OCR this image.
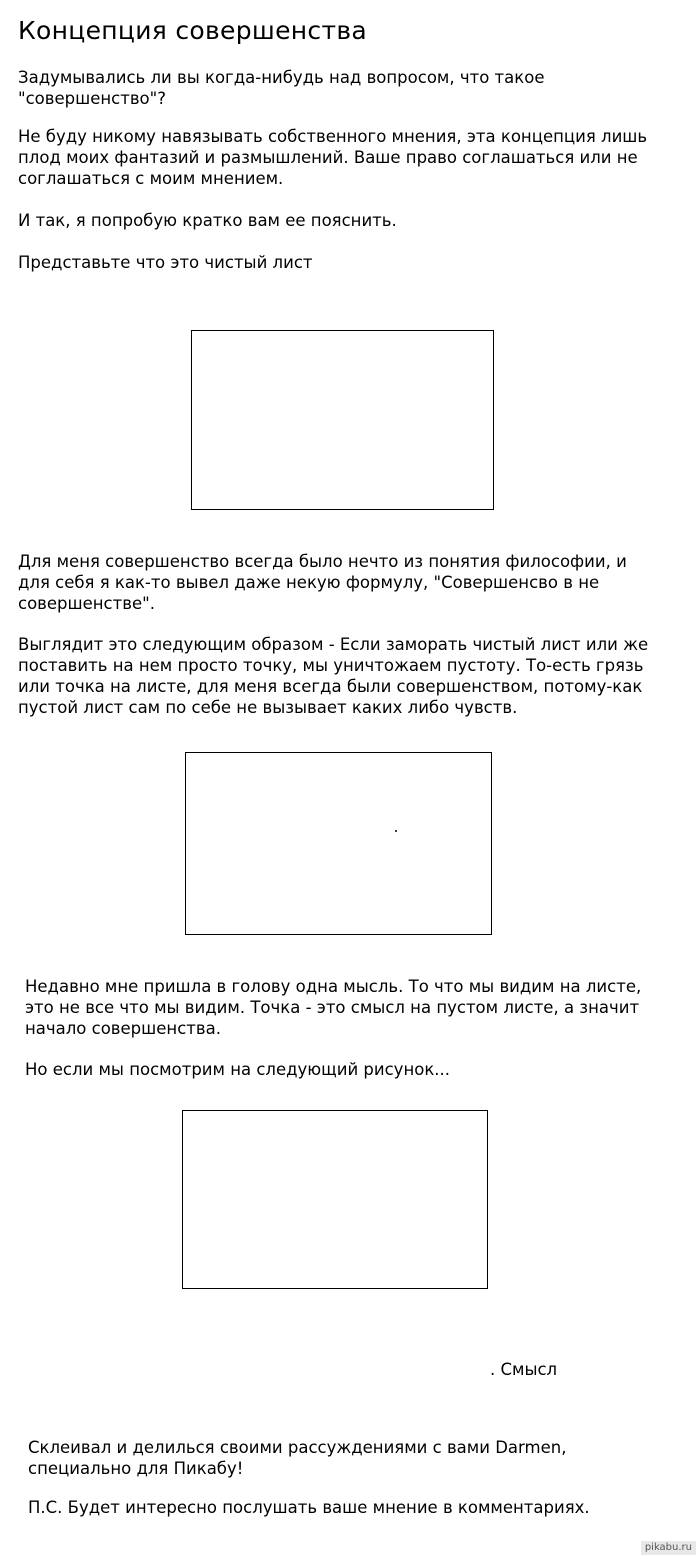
Концепция совершенства

Задумывались ли вы когда-нибудь над вопросом, что такое
"совершенство"?

Не буду никому навязывать собственного мнения, эта концепция лишь
плод моих фантазий и размышлений. Ваше право соглашаться или не
соглашаться с моим мнением.

И так, я попробую кратко вам ее пояснить.

Представьте что это чистый лист

Для меня совершенство всегда было нечто из понятия философии, и
для себя я как-то вывел даже некую формулу, "Совершенсво в не
совершенстве".

Выглядит это следующим образом - Если заморать чистый лист или же
поставить на нем просто точку, мы уничтожаем пустоту. То-есть грязь
или точка на листе, для меня всегда были совершенством, потому-как
пустой лист сам по себе не вызывает каких либо чувств.

Недавно мне пришла в голову одна мысль. То что мы видим на листе,
это не все что мы видим. Точка - это смысл на пустом листе, а значит
начало совершенства.

Но если мы посмотрим на следующий рисунок...

. Смысл

Склеивал и делилься своими рассуждениями с вами Darmen,
специально для Пикабу!

П.С. Будет интересно послушать ваше мнение в комментариях.

pikabu.ru
